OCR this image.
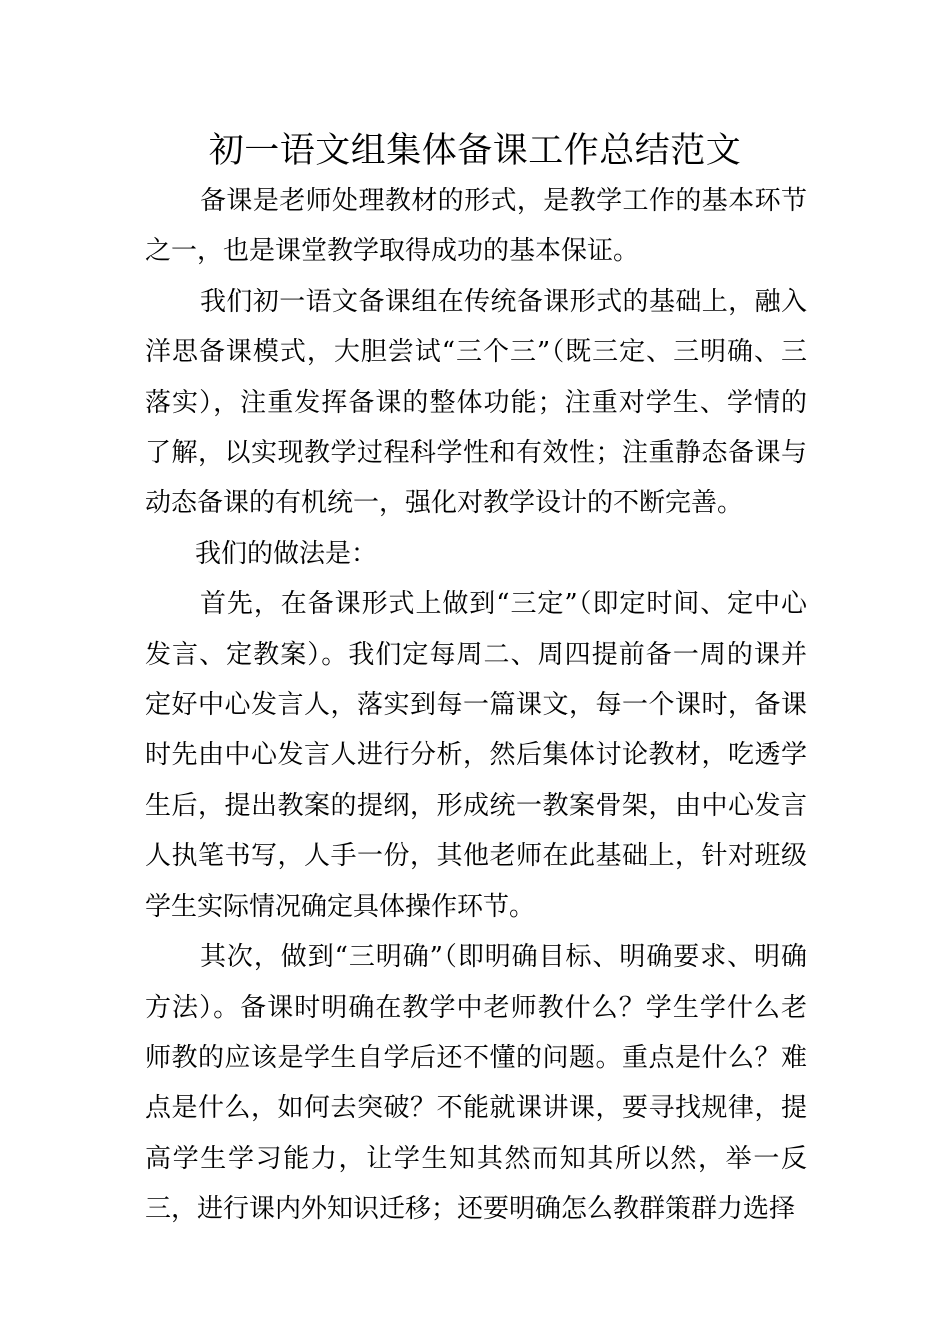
初一语文组集体备课工作总结范文

备课是老师处理教材的形式，是教学工作的基本环节之一，也是课堂教学取得成功的基本保证。

我们初一语文备课组在传统备课形式的基础上，融入洋思备课模式，大胆尝试“三个三”（既三定、三明确、三落实），注重发挥备课的整体功能；注重对学生、学情的了解，以实现教学过程科学性和有效性；注重静态备课与动态备课的有机统一，强化对教学设计的不断完善。

我们的做法是：

首先，在备课形式上做到“三定”（即定时间、定中心发言、定教案）。我们定每周二、周四提前备一周的课并定好中心发言人，落实到每一篇课文，每一个课时，备课时先由中心发言人进行分析，然后集体讨论教材，吃透学生后，提出教案的提纲，形成统一教案骨架，由中心发言人执笔书写，人手一份，其他老师在此基础上，针对班级学生实际情况确定具体操作环节。

其次，做到“三明确”（即明确目标、明确要求、明确方法）。备课时明确在教学中老师教什么？学生学什么老师教的应该是学生自学后还不懂的问题。重点是什么？难点是什么，如何去突破？不能就课讲课，要寻找规律，提高学生学习能力，让学生知其然而知其所以然，举一反三，进行课内外知识迁移；还要明确怎么教群策群力选择
